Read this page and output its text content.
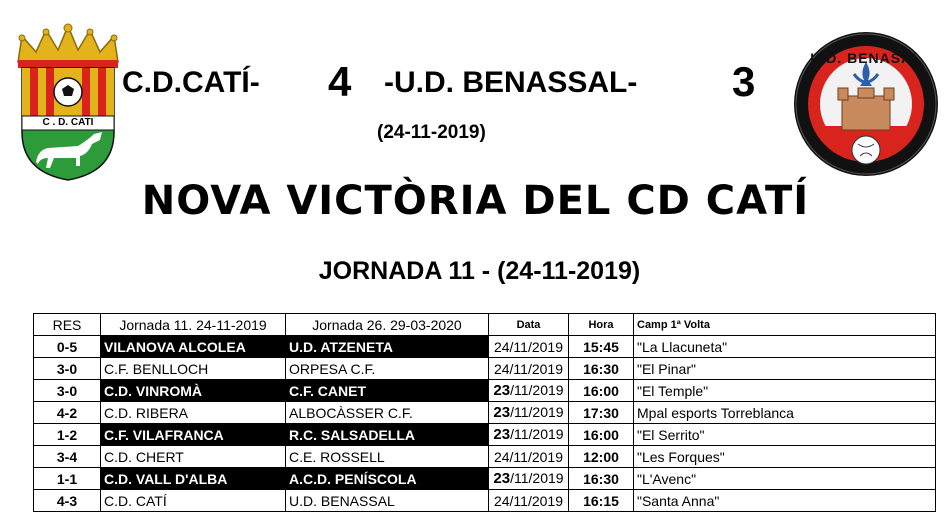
C . D. CATI
U.D. BENASAL
C.D.CATÍ- 4 -U.D. BENASSAL- 3
(24-11-2019)
NOVA VICTÒRIA DEL CD CATÍ
JORNADA 11 - (24-11-2019)
RES	Jornada 11. 24-11-2019	Jornada 26. 29-03-2020	Data	Hora	Camp 1ª Volta
0-5	VILANOVA ALCOLEA	U.D. ATZENETA	24/11/2019	15:45	"La Llacuneta"
3-0	C.F. BENLLOCH	ORPESA C.F.	24/11/2019	16:30	"El Pinar"
3-0	C.D. VINROMÀ	C.F. CANET	23/11/2019	16:00	"El Temple"
4-2	C.D. RIBERA	ALBOCÀSSER C.F.	23/11/2019	17:30	Mpal esports Torreblanca
1-2	C.F. VILAFRANCA	R.C. SALSADELLA	23/11/2019	16:00	"El Serrito"
3-4	C.D. CHERT	C.E. ROSSELL	24/11/2019	12:00	"Les Forques"
1-1	C.D. VALL D'ALBA	A.C.D. PENÍSCOLA	23/11/2019	16:30	"L'Avenc"
4-3	C.D. CATÍ	U.D. BENASSAL	24/11/2019	16:15	"Santa Anna"
